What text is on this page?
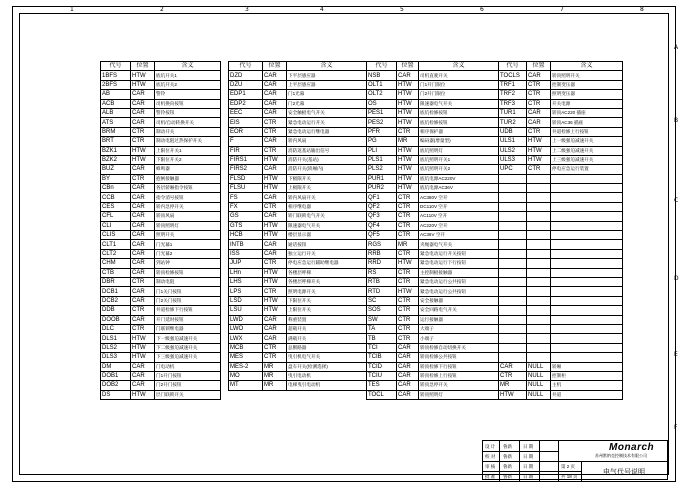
1	2	3	4	5	6	7	8
A
B
C
D
E
F
代号	位置	含义
1BFS	HTW	底坑开关1
2BFS	HTW	底坑开关2
AB	CAR	警铃
ACB	CAR	司机换向按钮
ALB	CAR	警铃按钮
ATS	CAR	司机/自动转换开关
BRM	CTR	制动开关
BRT	CTR	制动电阻过热保护开关
BZK1	HTW	上限位开关1
BZK2	HTW	下限位开关2
BUZ	CAR	蜂鸣器
BY	CTR	抱闸接触器
CBn	CAR	各层轿厢指令按钮
CCB	CAR	指令消号按钮
CES	CAR	轿内急停开关
CFL	CAR	轿顶风扇
CLI	CAR	轿顶照明灯
CLIS	CAR	照明开关
CLT1	CAR	门光幕1
CLT2	CAR	门光幕2
CHM	CAR	到站钟
CTB	CAR	轿顶检修按钮
DBR	CTR	制动电阻
DCB1	CAR	门1关门按钮
DCB2	CAR	门2关门按钮
DDB	CTR	井道检修下行按钮
DOOB	CAR	开门延时按钮
DLC	CTR	门联锁继电器
DLS1	HTW	下一级强迫减速开关
DLS2	HTW	下二级强迫减速开关
DLS3	HTW	下三级强迫减速开关
DM	CAR	门电动机
DOB1	CAR	门1开门按钮
DOB2	CAR	门2开门按钮
DS	HTW	层门联锁开关
代号	位置	含义
DZD	CAR	下平层感应器
DZU	CAR	上平层感应器
EDP1	CAR	门1光幕
EDP2	CAR	门2光幕
EEC	CAR	安全触板电气开关
EIS	CTR	紧急电动运行开关
EOR	CTR	紧急电动运行继电器
F	CAR	轿内风扇
FIR	CTR	消防返基站输出信号
FIRS1	HTW	消防开关(基站)
FIRS2	CAR	消防开关(轿厢内)
FLSD	HTW	下极限开关
FLSU	HTW	上极限开关
FS	CAR	轿内风扇开关
FX	CTR	相序继电器
GS	CAR	轿门联锁电气开关
GTS	HTW	限速器电气开关
HCB	HTW	楼层显示器
INTB	CAR	通话按钮
ISS	CAR	独立运行开关
JUP	CTR	停电应急运行辅助继电器
LHn	HTW	各楼层呼梯
LHS	HTW	各楼层呼梯开关
LPS	CTR	照明电源开关
LSD	HTW	下限位开关
LSU	HTW	上限位开关
LWD	CAR	称重装置
LWO	CAR	超载开关
LWX	CAR	满载开关
MCB	CTR	总断路器
MES	CTR	曳引机电气开关
MES-2	MR	盘车开关(检测选择)
MO	MR	曳引电动机
MT	MR	电梯曳引电动机
代号	位置	含义
NSB	CAR	司机直驶开关
OLT1	HTW	门1开门限位
OLT2	HTW	门2开门限位
OS	HTW	限速器电气开关
PES1	HTW	底坑检修按钮
PES2	HTW	底坑检修按钮
PFR	CTR	相序保护器
PG	MR	编码器(增量型)
PLI	HTW	底坑照明灯
PLS1	HTW	底坑照明开关1
PLS2	HTW	底坑照明开关2
PUR1	HTW	底坑电源AC220V
PUR2	HTW	底坑电源AC36V
QF1	CTR	AC380V 空开
QF2	CTR	DC110V 空开
QF3	CTR	AC110V 空开
QF4	CTR	AC220V 空开
QF5	CTR	AC36V 空开
RGS	MR	夹绳器电气开关
RRB	CTR	紧急电动运行开关按钮
RRD	HTW	紧急电动运行下行按钮
RS	CTR	主控制板接触器
RTB	CTR	紧急电动运行公共按钮
RTD	HTW	紧急电动运行公共按钮
SC	CTR	安全接触器
SOS	CTR	安全回路电气开关
SW	CTR	运行接触器
TA	CTR	大端子
TB	CTR	小端子
TCI	CAR	轿顶检修自动切换开关
TCIB	CAR	轿顶检修公共按钮
TCID	CAR	轿顶检修下行按钮
TCIU	CAR	轿顶检修上行按钮
TES	CAR	轿顶急停开关
TOCL	CAR	轿顶照明灯
代号	位置	含义
TOCLS	CAR	轿顶照明开关
TRF1	CTR	控制变压器
TRF2	CTR	照明变压器
TRF3	CTR	开关电源
TUR1	CAR	轿顶AC220 插座
TUR2	CAR	轿顶AC36 插座
UDB	CTR	井道检修上行按钮
ULS1	HTW	上一级强迫减速开关
ULS2	HTW	上二级强迫减速开关
ULS3	HTW	上三级强迫减速开关
UPC	CTR	停电应急运行装置

CAR	NULL	轿厢
CTR	NULL	控制柜
MR	NULL	主机
HTW	NULL	井道
设 计
校 对
审 核
批 准
鲁新
鲁新
鲁新
鲁新
日 期
日 期
日 期
日 期
Monarch
苏州默纳克控制技术有限公司
第 2 页
共 18 页
电气代号说明
